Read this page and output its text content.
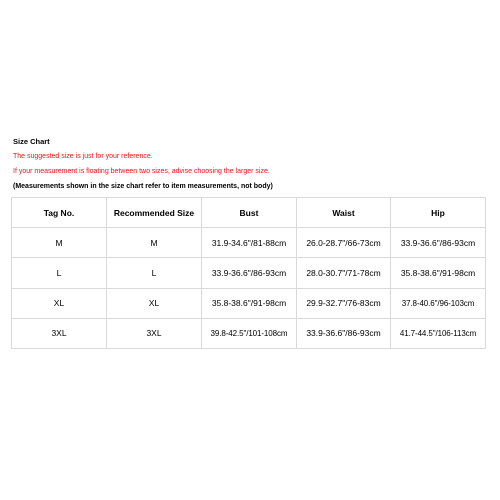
Size Chart
The suggested size is just for your reference.
If your measurement is floating between two sizes, advise choosing the larger size.
(Measurements shown in the size chart refer to item measurements, not body)
Tag No.	Recommended Size	Bust	Waist	Hip
M	M	31.9-34.6"/81-88cm	26.0-28.7"/66-73cm	33.9-36.6"/86-93cm
L	L	33.9-36.6"/86-93cm	28.0-30.7"/71-78cm	35.8-38.6"/91-98cm
XL	XL	35.8-38.6"/91-98cm	29.9-32.7"/76-83cm	37.8-40.6"/96-103cm
3XL	3XL	39.8-42.5"/101-108cm	33.9-36.6"/86-93cm	41.7-44.5"/106-113cm
